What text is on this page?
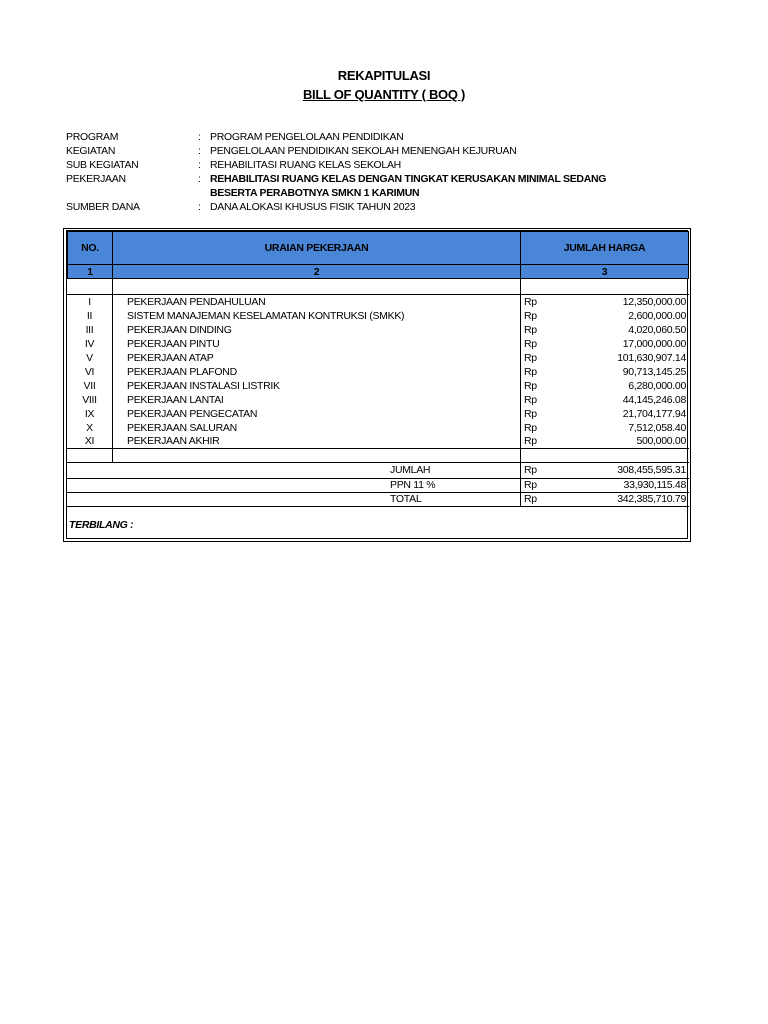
REKAPITULASI
BILL OF QUANTITY ( BOQ )
PROGRAM	: PROGRAM PENGELOLAAN PENDIDIKAN
KEGIATAN	: PENGELOLAAN PENDIDIKAN SEKOLAH MENENGAH KEJURUAN
SUB KEGIATAN	: REHABILITASI RUANG KELAS SEKOLAH
PEKERJAAN	: REHABILITASI RUANG KELAS DENGAN TINGKAT KERUSAKAN MINIMAL SEDANG
BESERTA PERABOTNYA SMKN 1 KARIMUN
SUMBER DANA	: DANA ALOKASI KHUSUS FISIK TAHUN 2023
NO.	URAIAN PEKERJAAN	JUMLAH HARGA
1	2	3
I	PEKERJAAN PENDAHULUAN	Rp	12,350,000.00
II	SISTEM MANAJEMAN KESELAMATAN KONTRUKSI (SMKK)	Rp	2,600,000.00
III	PEKERJAAN DINDING	Rp	4,020,060.50
IV	PEKERJAAN PINTU	Rp	17,000,000.00
V	PEKERJAAN ATAP	Rp	101,630,907.14
VI	PEKERJAAN PLAFOND	Rp	90,713,145.25
VII	PEKERJAAN INSTALASI LISTRIK	Rp	6,280,000.00
VIII	PEKERJAAN LANTAI	Rp	44,145,246.08
IX	PEKERJAAN PENGECATAN	Rp	21,704,177.94
X	PEKERJAAN SALURAN	Rp	7,512,058.40
XI	PEKERJAAN AKHIR	Rp	500,000.00
JUMLAH	Rp	308,455,595.31
PPN 11 %	Rp	33,930,115.48
TOTAL	Rp	342,385,710.79
TERBILANG :
